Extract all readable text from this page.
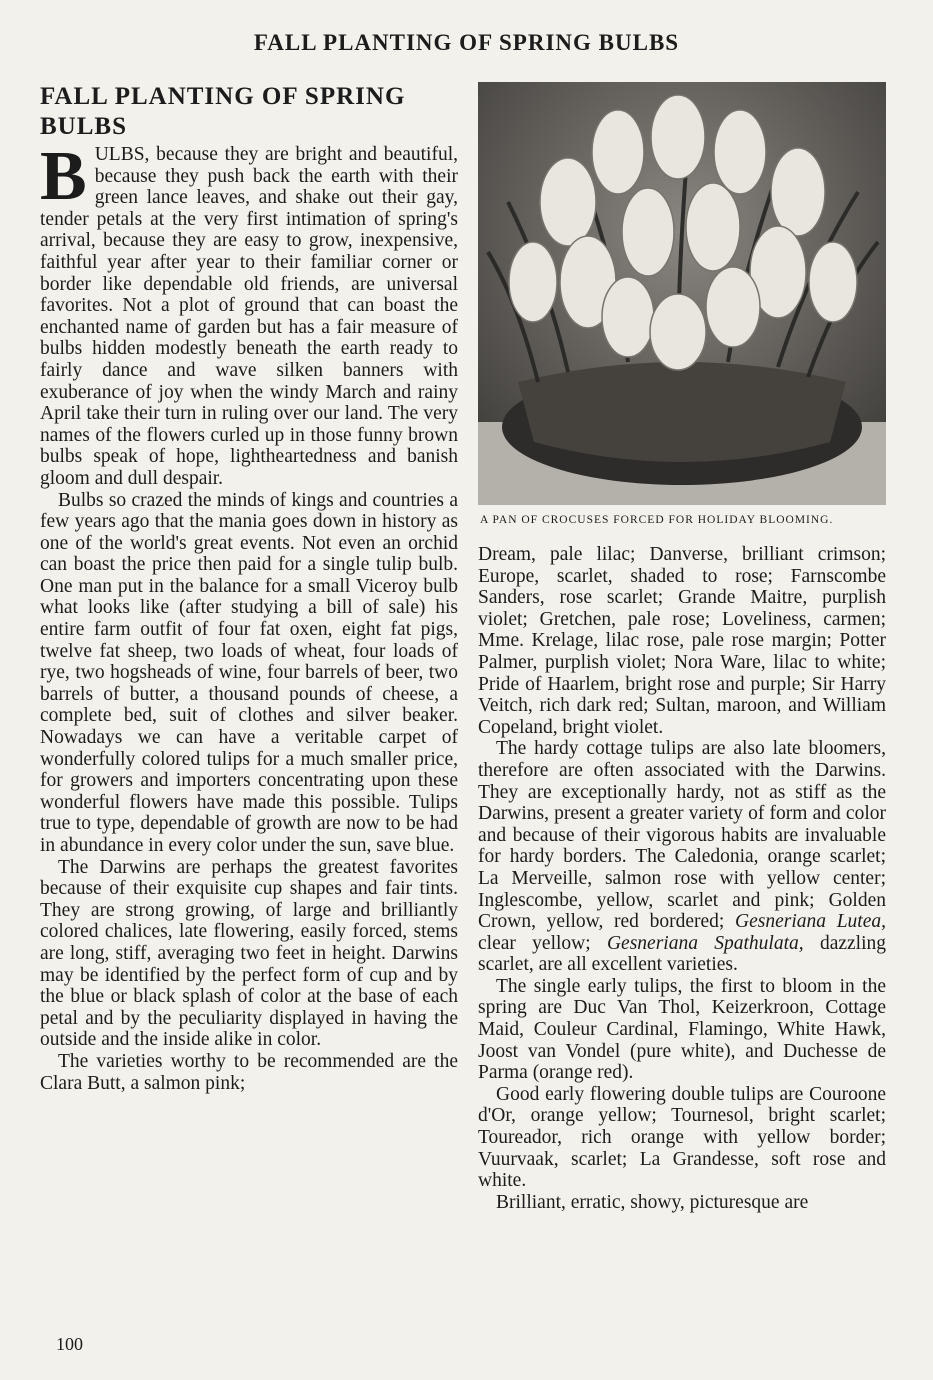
FALL PLANTING OF SPRING BULBS
FALL PLANTING OF SPRING BULBS

BULBS, because they are bright and beautiful, because they push back the earth with their green lance leaves, and shake out their gay, tender petals at the very first intimation of spring's arrival, because they are easy to grow, inexpensive, faithful year after year to their familiar corner or border like dependable old friends, are universal favorites. Not a plot of ground that can boast the enchanted name of garden but has a fair measure of bulbs hidden modestly beneath the earth ready to fairly dance and wave silken banners with exuberance of joy when the windy March and rainy April take their turn in ruling over our land. The very names of the flowers curled up in those funny brown bulbs speak of hope, lightheartedness and banish gloom and dull despair.

Bulbs so crazed the minds of kings and countries a few years ago that the mania goes down in history as one of the world's great events. Not even an orchid can boast the price then paid for a single tulip bulb. One man put in the balance for a small Viceroy bulb what looks like (after studying a bill of sale) his entire farm outfit of four fat oxen, eight fat pigs, twelve fat sheep, two loads of wheat, four loads of rye, two hogsheads of wine, four barrels of beer, two barrels of butter, a thousand pounds of cheese, a complete bed, suit of clothes and silver beaker. Nowadays we can have a veritable carpet of wonderfully colored tulips for a much smaller price, for growers and importers concentrating upon these wonderful flowers have made this possible. Tulips true to type, dependable of growth are now to be had in abundance in every color under the sun, save blue.

The Darwins are perhaps the greatest favorites because of their exquisite cup shapes and fair tints. They are strong growing, of large and brilliantly colored chalices, late flowering, easily forced, stems are long, stiff, averaging two feet in height. Darwins may be identified by the perfect form of cup and by the blue or black splash of color at the base of each petal and by the peculiarity displayed in having the outside and the inside alike in color.

The varieties worthy to be recommended are the Clara Butt, a salmon pink;

A PAN OF CROCUSES FORCED FOR HOLIDAY BLOOMING.

Dream, pale lilac; Danverse, brilliant crimson; Europe, scarlet, shaded to rose; Farnscombe Sanders, rose scarlet; Grande Maitre, purplish violet; Gretchen, pale rose; Loveliness, carmen; Mme. Krelage, lilac rose, pale rose margin; Potter Palmer, purplish violet; Nora Ware, lilac to white; Pride of Haarlem, bright rose and purple; Sir Harry Veitch, rich dark red; Sultan, maroon, and William Copeland, bright violet.

The hardy cottage tulips are also late bloomers, therefore are often associated with the Darwins. They are exceptionally hardy, not as stiff as the Darwins, present a greater variety of form and color and because of their vigorous habits are invaluable for hardy borders. The Caledonia, orange scarlet; La Merveille, salmon rose with yellow center; Inglescombe, yellow, scarlet and pink; Golden Crown, yellow, red bordered; Gesneriana Lutea, clear yellow; Gesneriana Spathulata, dazzling scarlet, are all excellent varieties.

The single early tulips, the first to bloom in the spring are Duc Van Thol, Keizerkroon, Cottage Maid, Couleur Cardinal, Flamingo, White Hawk, Joost van Vondel (pure white), and Duchesse de Parma (orange red).

Good early flowering double tulips are Couroone d'Or, orange yellow; Tournesol, bright scarlet; Toureador, rich orange with yellow border; Vuurvaak, scarlet; La Grandesse, soft rose and white.

Brilliant, erratic, showy, picturesque are

100
